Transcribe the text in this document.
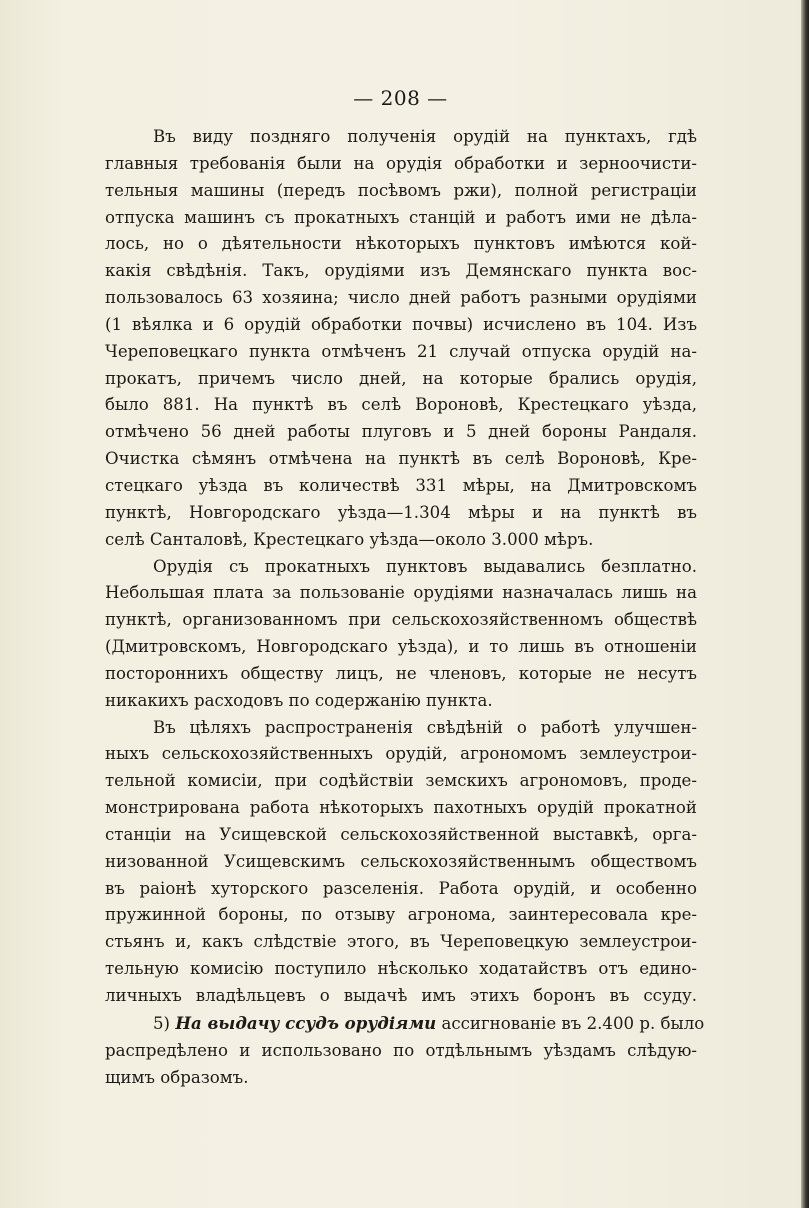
— 208 —
Въ виду поздняго полученія орудій на пунктахъ, гдѣ
главныя требованія были на орудія обработки и зерноочисти-
тельныя машины (передъ посѣвомъ ржи), полной регистраціи
отпуска машинъ съ прокатныхъ станцій и работъ ими не дѣла-
лось, но о дѣятельности нѣкоторыхъ пунктовъ имѣются кой-
какія свѣдѣнія. Такъ, орудіями изъ Демянскаго пункта вос-
пользовалось 63 хозяина; число дней работъ разными орудіями
(1 вѣялка и 6 орудій обработки почвы) исчислено въ 104. Изъ
Череповецкаго пункта отмѣченъ 21 случай отпуска орудій на-
прокатъ, причемъ число дней, на которые брались орудія,
было 881. На пунктѣ въ селѣ Вороновѣ, Крестецкаго уѣзда,
отмѣчено 56 дней работы плуговъ и 5 дней бороны Рандаля.
Очистка сѣмянъ отмѣчена на пунктѣ въ селѣ Вороновѣ, Кре-
стецкаго уѣзда въ количествѣ 331 мѣры, на Дмитровскомъ
пунктѣ, Новгородскаго уѣзда—1.304 мѣры и на пунктѣ въ
селѣ Санталовѣ, Крестецкаго уѣзда—около 3.000 мѣръ.
Орудія съ прокатныхъ пунктовъ выдавались безплатно.
Небольшая плата за пользованіе орудіями назначалась лишь на
пунктѣ, организованномъ при сельскохозяйственномъ обществѣ
(Дмитровскомъ, Новгородскаго уѣзда), и то лишь въ отношеніи
постороннихъ обществу лицъ, не членовъ, которые не несутъ
никакихъ расходовъ по содержанію пункта.
Въ цѣляхъ распространенія свѣдѣній о работѣ улучшен-
ныхъ сельскохозяйственныхъ орудій, агрономомъ землеустрои-
тельной комисіи, при содѣйствіи земскихъ агрономовъ, проде-
монстрирована работа нѣкоторыхъ пахотныхъ орудій прокатной
станціи на Усищевской сельскохозяйственной выставкѣ, орга-
низованной Усищевскимъ сельскохозяйственнымъ обществомъ
въ раіонѣ хуторского разселенія. Работа орудій, и особенно
пружинной бороны, по отзыву агронома, заинтересовала кре-
стьянъ и, какъ слѣдствіе этого, въ Череповецкую землеустрои-
тельную комисію поступило нѣсколько ходатайствъ отъ едино-
личныхъ владѣльцевъ о выдачѣ имъ этихъ боронъ въ ссуду.
5) На выдачу ссудъ орудіями ассигнованіе въ 2.400 р. было
распредѣлено и использовано по отдѣльнымъ уѣздамъ слѣдую-
щимъ образомъ.
